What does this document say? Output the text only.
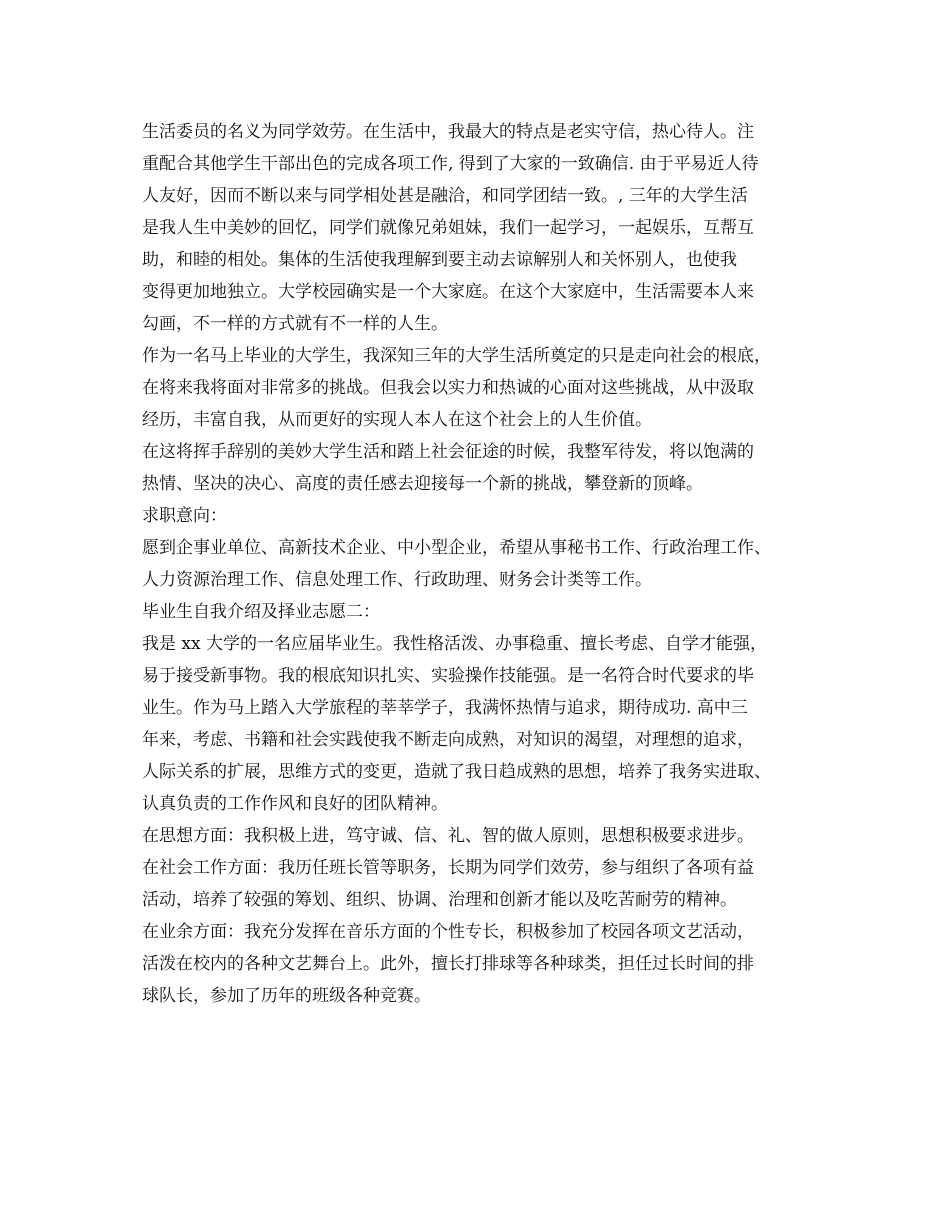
生活委员的名义为同学效劳。在生活中，我最大的特点是老实守信，热心待人。注

重配合其他学生干部出色的完成各项工作, 得到了大家的一致确信. 由于平易近人待

人友好，因而不断以来与同学相处甚是融洽，和同学团结一致。, 三年的大学生活

是我人生中美妙的回忆，同学们就像兄弟姐妹，我们一起学习，一起娱乐，互帮互

助，和睦的相处。集体的生活使我理解到要主动去谅解别人和关怀别人，也使我

变得更加地独立。大学校园确实是一个大家庭。在这个大家庭中，生活需要本人来

勾画，不一样的方式就有不一样的人生。

作为一名马上毕业的大学生，我深知三年的大学生活所奠定的只是走向社会的根底，

在将来我将面对非常多的挑战。但我会以实力和热诚的心面对这些挑战，从中汲取

经历，丰富自我，从而更好的实现人本人在这个社会上的人生价值。

在这将挥手辞别的美妙大学生活和踏上社会征途的时候，我整军待发，将以饱满的

热情、坚决的决心、高度的责任感去迎接每一个新的挑战，攀登新的顶峰。

求职意向：

愿到企事业单位、高新技术企业、中小型企业，希望从事秘书工作、行政治理工作、

人力资源治理工作、信息处理工作、行政助理、财务会计类等工作。

毕业生自我介绍及择业志愿二：

我是 xx 大学的一名应届毕业生。我性格活泼、办事稳重、擅长考虑、自学才能强，

易于接受新事物。我的根底知识扎实、实验操作技能强。是一名符合时代要求的毕

业生。作为马上踏入大学旅程的莘莘学子，我满怀热情与追求，期待成功. 高中三

年来，考虑、书籍和社会实践使我不断走向成熟，对知识的渴望，对理想的追求，

人际关系的扩展，思维方式的变更，造就了我日趋成熟的思想，培养了我务实进取、

认真负责的工作作风和良好的团队精神。

在思想方面：我积极上进，笃守诚、信、礼、智的做人原则，思想积极要求进步。

在社会工作方面：我历任班长管等职务，长期为同学们效劳，参与组织了各项有益

活动，培养了较强的筹划、组织、协调、治理和创新才能以及吃苦耐劳的精神。

在业余方面：我充分发挥在音乐方面的个性专长，积极参加了校园各项文艺活动，

活泼在校内的各种文艺舞台上。此外，擅长打排球等各种球类，担任过长时间的排

球队长，参加了历年的班级各种竞赛。
